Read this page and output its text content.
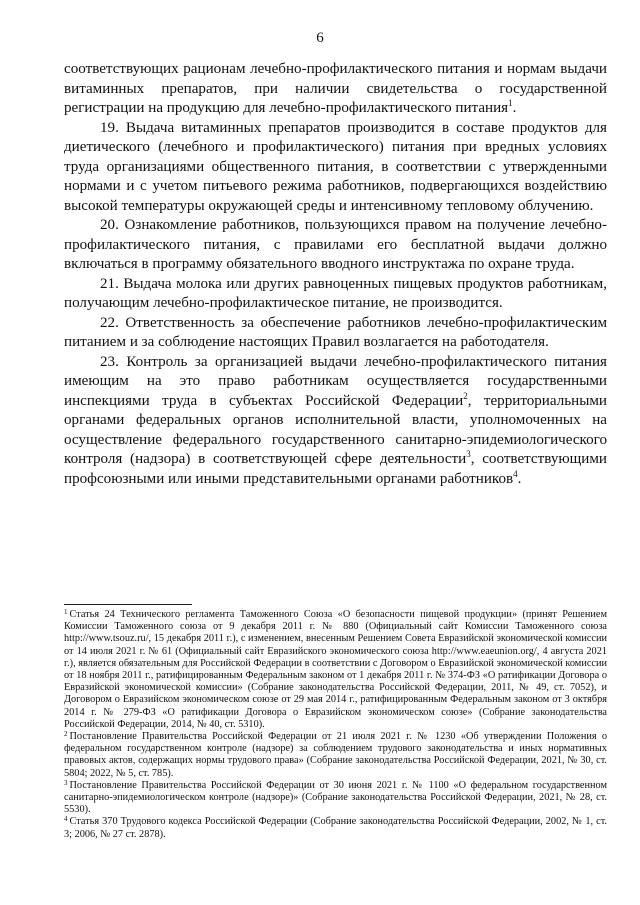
6

соответствующих рационам лечебно-профилактического питания и нормам выдачи витаминных препаратов, при наличии свидетельства о государственной регистрации на продукцию для лечебно-профилактического питания$^1$.

19. Выдача витаминных препаратов производится в составе продуктов для диетического (лечебного и профилактического) питания при вредных условиях труда организациями общественного питания, в соответствии с утвержденными нормами и с учетом питьевого режима работников, подвергающихся воздействию высокой температуры окружающей среды и интенсивному тепловому облучению.

20. Ознакомление работников, пользующихся правом на получение лечебно-профилактического питания, с правилами его бесплатной выдачи должно включаться в программу обязательного вводного инструктажа по охране труда.

21. Выдача молока или других равноценных пищевых продуктов работникам, получающим лечебно-профилактическое питание, не производится.

22. Ответственность за обеспечение работников лечебно-профилактическим питанием и за соблюдение настоящих Правил возлагается на работодателя.

23. Контроль за организацией выдачи лечебно-профилактического питания имеющим на это право работникам осуществляется государственными инспекциями труда в субъектах Российской Федерации$^2$, территориальными органами федеральных органов исполнительной власти, уполномоченных на осуществление федерального государственного санитарно-эпидемиологического контроля (надзора) в соответствующей сфере деятельности$^3$, соответствующими профсоюзными или иными представительными органами работников$^4$.

$^1$ Статья 24 Технического регламента Таможенного Союза «О безопасности пищевой продукции» (принят Решением Комиссии Таможенного союза от 9 декабря 2011 г. № 880 (Официальный сайт Комиссии Таможенного союза http://www.tsouz.ru/, 15 декабря 2011 г.), с изменением, внесенным Решением Совета Евразийской экономической комиссии от 14 июля 2021 г. № 61 (Официальный сайт Евразийского экономического союза http://www.eaeunion.org/, 4 августа 2021 г.), является обязательным для Российской Федерации в соответствии с Договором о Евразийской экономической комиссии от 18 ноября 2011 г., ратифицированным Федеральным законом от 1 декабря 2011 г. № 374-ФЗ «О ратификации Договора о Евразийской экономической комиссии» (Собрание законодательства Российской Федерации, 2011, № 49, ст. 7052), и Договором о Евразийском экономическом союзе от 29 мая 2014 г., ратифицированным Федеральным законом от 3 октября 2014 г. № 279-ФЗ «О ратификации Договора о Евразийском экономическом союзе» (Собрание законодательства Российской Федерации, 2014, № 40, ст. 5310).

$^2$ Постановление Правительства Российской Федерации от 21 июля 2021 г. № 1230 «Об утверждении Положения о федеральном государственном контроле (надзоре) за соблюдением трудового законодательства и иных нормативных правовых актов, содержащих нормы трудового права» (Собрание законодательства Российской Федерации, 2021, № 30, ст. 5804; 2022, № 5, ст. 785).

$^3$ Постановление Правительства Российской Федерации от 30 июня 2021 г. № 1100 «О федеральном государственном санитарно-эпидемиологическом контроле (надзоре)» (Собрание законодательства Российской Федерации, 2021, № 28, ст. 5530).

$^4$ Статья 370 Трудового кодекса Российской Федерации (Собрание законодательства Российской Федерации, 2002, № 1, ст. 3; 2006, № 27 ст. 2878).
